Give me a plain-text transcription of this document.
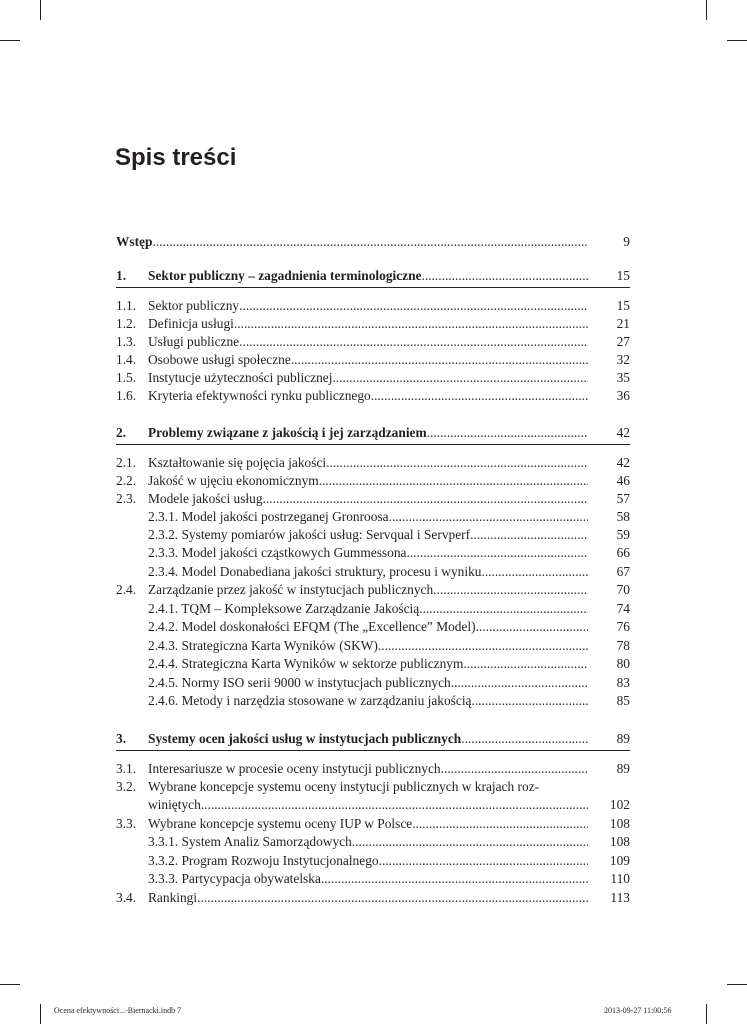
Spis treści
Wstęp .....	9
1. Sektor publiczny – zagadnienia terminologiczne .....	15
1.1. Sektor publiczny .....	15
1.2. Definicja usługi .....	21
1.3. Usługi publiczne .....	27
1.4. Osobowe usługi społeczne .....	32
1.5. Instytucje użyteczności publicznej .....	35
1.6. Kryteria efektywności rynku publicznego .....	36
2. Problemy związane z jakością i jej zarządzaniem .....	42
2.1. Kształtowanie się pojęcia jakości .....	42
2.2. Jakość w ujęciu ekonomicznym .....	46
2.3. Modele jakości usług .....	57
2.3.1. Model jakości postrzeganej Gronroosa .....	58
2.3.2. Systemy pomiarów jakości usług: Servqual i Servperf .....	59
2.3.3. Model jakości cząstkowych Gummessona .....	66
2.3.4. Model Donabediana jakości struktury, procesu i wyniku .....	67
2.4. Zarządzanie przez jakość w instytucjach publicznych .....	70
2.4.1. TQM – Kompleksowe Zarządzanie Jakością .....	74
2.4.2. Model doskonałości EFQM (The „Excellence” Model) .....	76
2.4.3. Strategiczna Karta Wyników (SKW) .....	78
2.4.4. Strategiczna Karta Wyników w sektorze publicznym .....	80
2.4.5. Normy ISO serii 9000 w instytucjach publicznych .....	83
2.4.6. Metody i narzędzia stosowane w zarządzaniu jakością .....	85
3. Systemy ocen jakości usług w instytucjach publicznych .....	89
3.1. Interesariusze w procesie oceny instytucji publicznych .....	89
3.2. Wybrane koncepcje systemu oceny instytucji publicznych w krajach roz-
winiętych .....	102
3.3. Wybrane koncepcje systemu oceny IUP w Polsce .....	108
3.3.1. System Analiz Samorządowych .....	108
3.3.2. Program Rozwoju Instytucjonalnego .....	109
3.3.3. Partycypacja obywatelska .....	110
3.4. Rankingi .....	113
Ocena efektywności...-Biernacki.indb 7	2013-09-27 11:00:56
